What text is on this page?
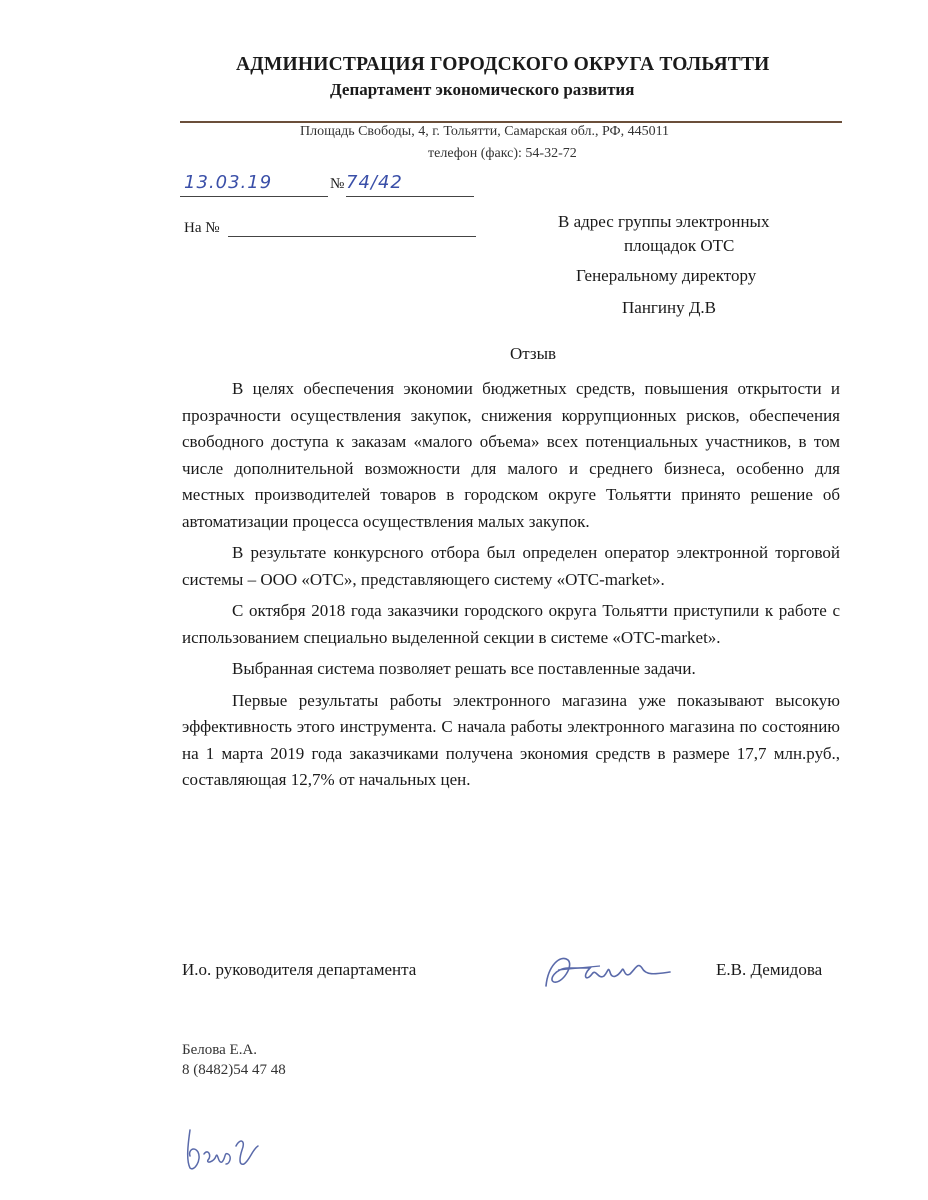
АДМИНИСТРАЦИЯ ГОРОДСКОГО ОКРУГА ТОЛЬЯТТИ
Департамент экономического развития
Площадь Свободы, 4, г. Тольятти, Самарская обл., РФ, 445011
телефон (факс): 54-32-72
13.03.19	№ 74/42
На №	В адрес группы электронных
площадок ОТС
Генеральному директору
Пангину Д.В
Отзыв

В целях обеспечения экономии бюджетных средств, повышения открытости и прозрачности осуществления закупок, снижения коррупционных рисков, обеспечения свободного доступа к заказам «малого объема» всех потенциальных участников, в том числе дополнительной возможности для малого и среднего бизнеса, особенно для местных производителей товаров в городском округе Тольятти принято решение об автоматизации процесса осуществления малых закупок.

В результате конкурсного отбора был определен оператор электронной торговой системы – ООО «ОТС», представляющего систему «OTC-market».

С октября 2018 года заказчики городского округа Тольятти приступили к работе с использованием специально выделенной секции в системе «OTC-market».

Выбранная система позволяет решать все поставленные задачи.

Первые результаты работы электронного магазина уже показывают высокую эффективность этого инструмента. С начала работы электронного магазина по состоянию на 1 марта 2019 года заказчиками получена экономия средств в размере 17,7 млн.руб., составляющая 12,7% от начальных цен.

И.о. руководителя департамента	Е.В. Демидова
Белова Е.А.
8 (8482)54 47 48
